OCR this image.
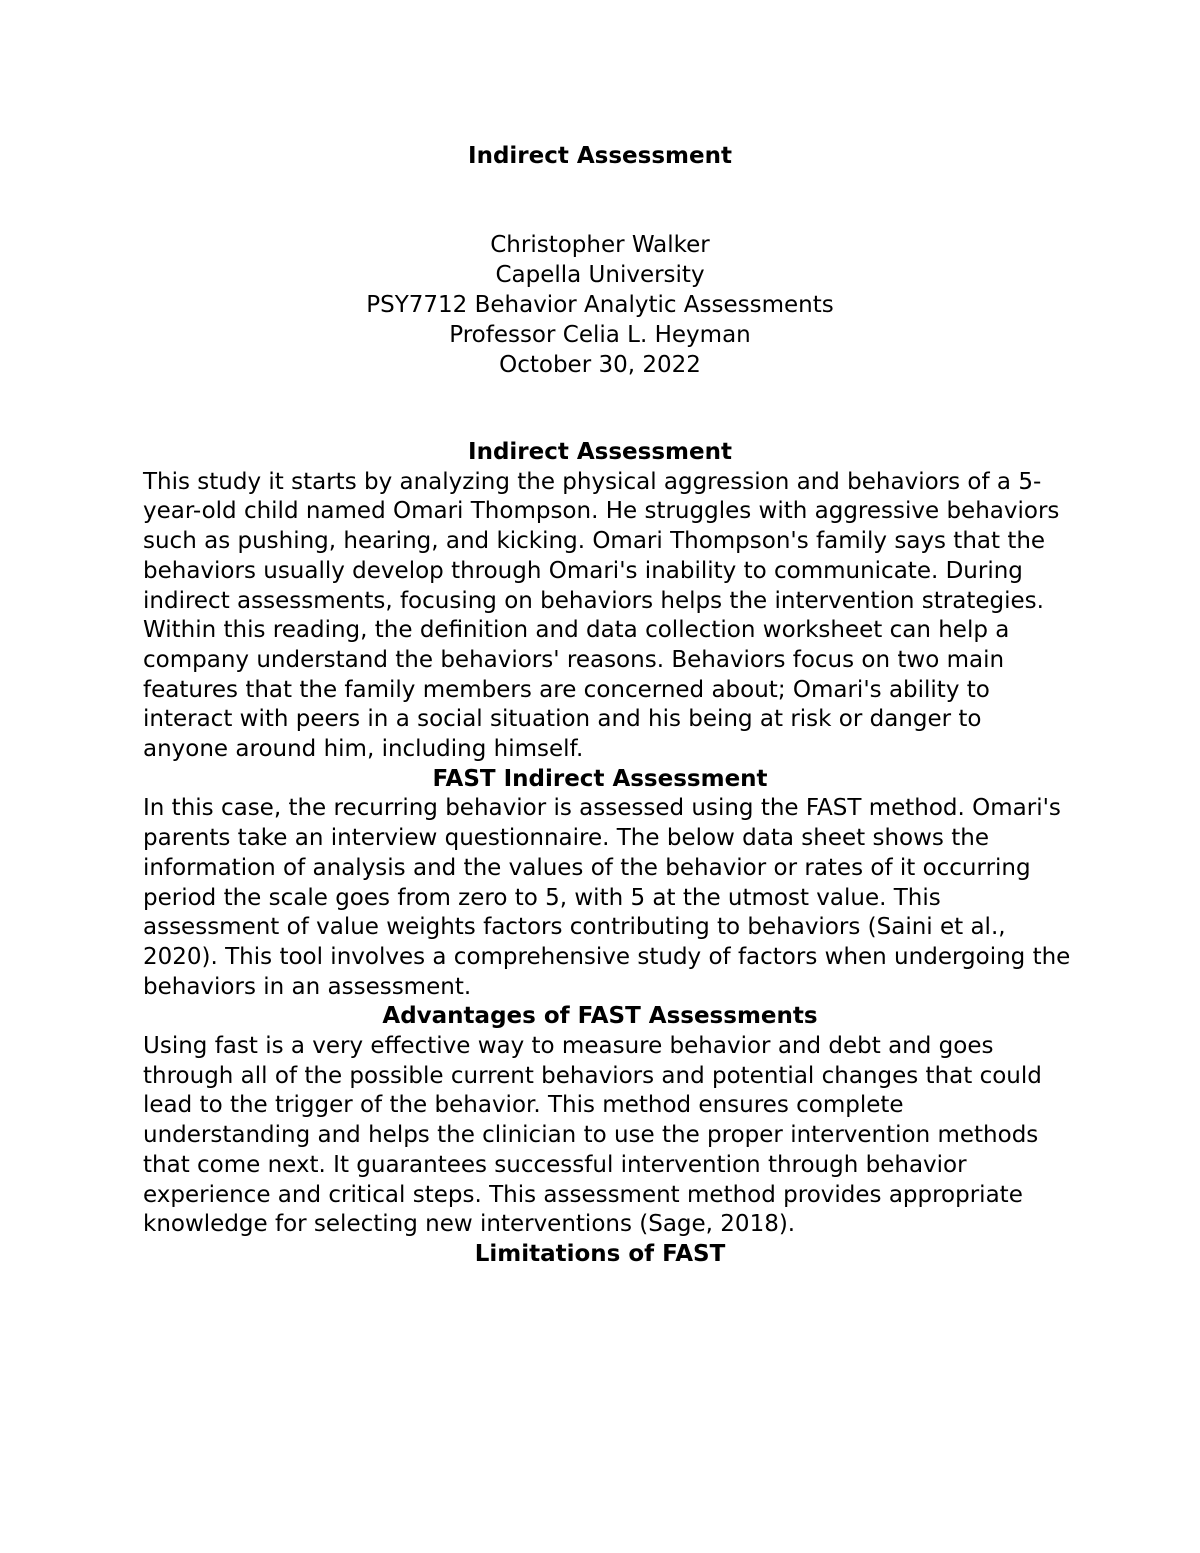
Indirect Assessment
Christopher Walker
Capella University
PSY7712 Behavior Analytic Assessments
Professor Celia L. Heyman
October 30, 2022
Indirect Assessment

This study it starts by analyzing the physical aggression and behaviors of a 5-year-old child named Omari Thompson. He struggles with aggressive behaviors such as pushing, hearing, and kicking. Omari Thompson's family says that the behaviors usually develop through Omari's inability to communicate. During indirect assessments, focusing on behaviors helps the intervention strategies. Within this reading, the definition and data collection worksheet can help a company understand the behaviors' reasons. Behaviors focus on two main features that the family members are concerned about; Omari's ability to interact with peers in a social situation and his being at risk or danger to anyone around him, including himself.

FAST Indirect Assessment

In this case, the recurring behavior is assessed using the FAST method. Omari's parents take an interview questionnaire. The below data sheet shows the information of analysis and the values of the behavior or rates of it occurring period the scale goes from zero to 5, with 5 at the utmost value. This assessment of value weights factors contributing to behaviors (Saini et al., 2020). This tool involves a comprehensive study of factors when undergoing the behaviors in an assessment.

Advantages of FAST Assessments

Using fast is a very effective way to measure behavior and debt and goes through all of the possible current behaviors and potential changes that could lead to the trigger of the behavior. This method ensures complete understanding and helps the clinician to use the proper intervention methods that come next. It guarantees successful intervention through behavior experience and critical steps. This assessment method provides appropriate knowledge for selecting new interventions (Sage, 2018).

Limitations of FAST
